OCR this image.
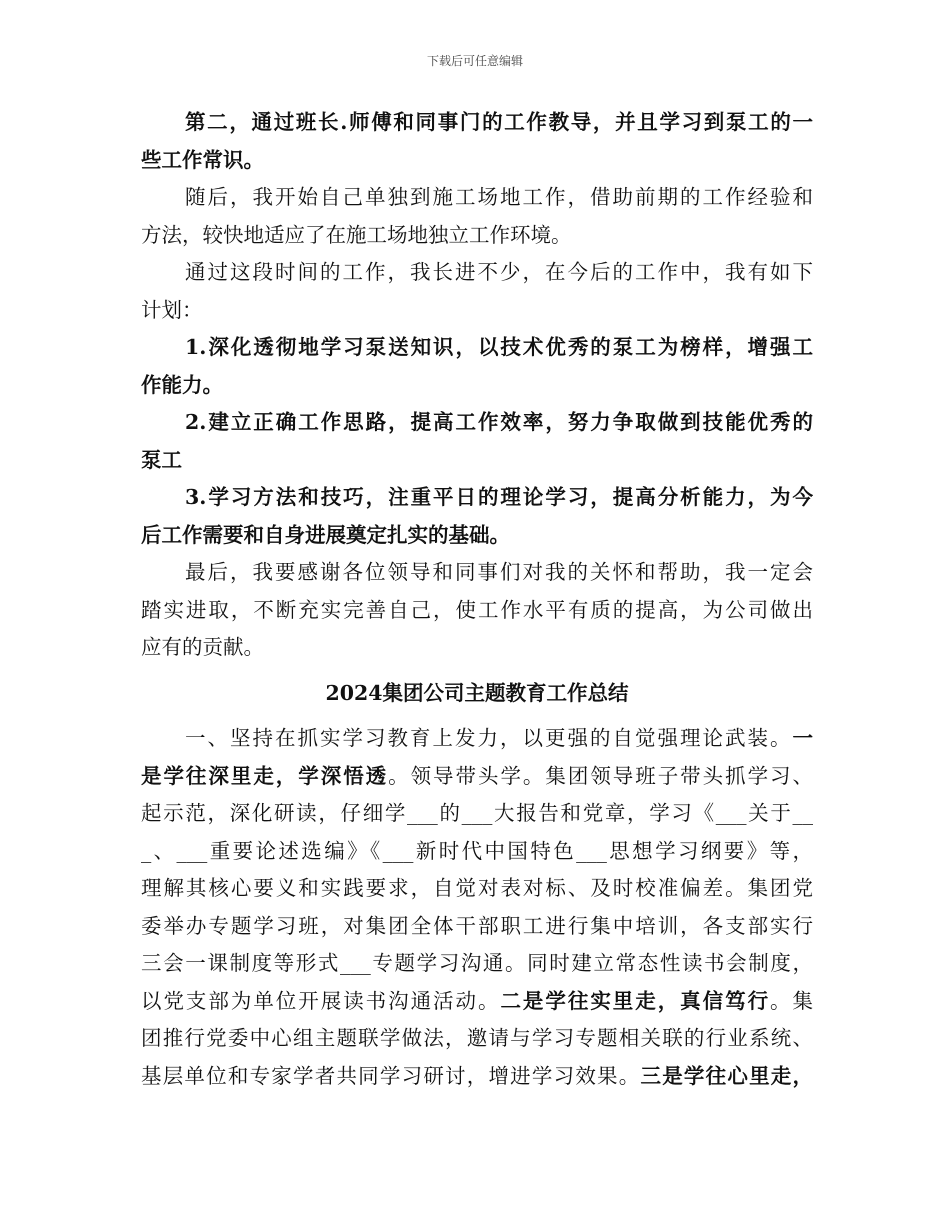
下载后可任意编辑
第二，通过班长.师傅和同事门的工作教导，并且学习到泵工的一
些工作常识。
随后，我开始自己单独到施工场地工作，借助前期的工作经验和
方法，较快地适应了在施工场地独立工作环境。
通过这段时间的工作，我长进不少，在今后的工作中，我有如下
计划：
1.深化透彻地学习泵送知识，以技术优秀的泵工为榜样，增强工
作能力。
2.建立正确工作思路，提高工作效率，努力争取做到技能优秀的
泵工
3.学习方法和技巧，注重平日的理论学习，提高分析能力，为今
后工作需要和自身进展奠定扎实的基础。
最后，我要感谢各位领导和同事们对我的关怀和帮助，我一定会
踏实进取，不断充实完善自己，使工作水平有质的提高，为公司做出
应有的贡献。
2024集团公司主题教育工作总结
一、坚持在抓实学习教育上发力，以更强的自觉强理论武装。一
是学往深里走，学深悟透。领导带头学。集团领导班子带头抓学习、
起示范，深化研读，仔细学___的___大报告和党章，学习《___关于__
_、___重要论述选编》《___新时代中国特色___思想学习纲要》等，
理解其核心要义和实践要求，自觉对表对标、及时校准偏差。集团党
委举办专题学习班，对集团全体干部职工进行集中培训，各支部实行
三会一课制度等形式___专题学习沟通。同时建立常态性读书会制度，
以党支部为单位开展读书沟通活动。二是学往实里走，真信笃行。集
团推行党委中心组主题联学做法，邀请与学习专题相关联的行业系统、
基层单位和专家学者共同学习研讨，增进学习效果。三是学往心里走，
